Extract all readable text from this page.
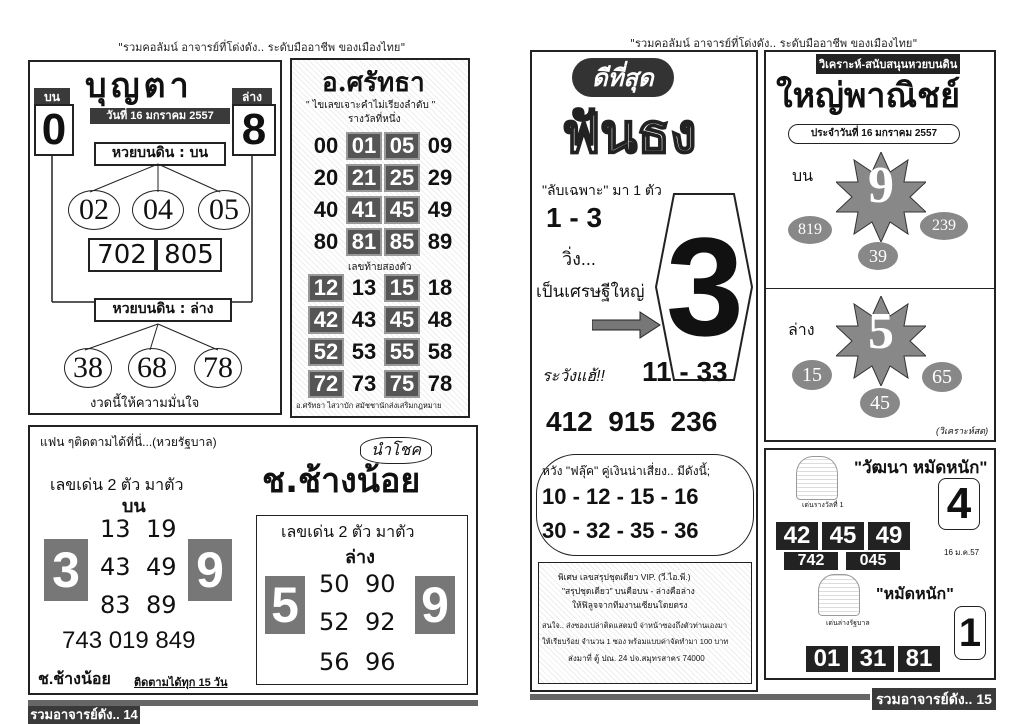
"รวมคอลัมน์ อาจารย์ที่โด่งดัง.. ระดับมืออาชีพ ของเมืองไทย"
บุญตา
บน
0
ล่าง
8
วันที่ 16 มกราคม 2557
หวยบนดิน : บน
02	04	05
702 805
หวยบนดิน : ล่าง
38	68	78
งวดนี้ให้ความมั่นใจ
อ.ศรัทธา
" ไขเลขเจาะคำไม่เรียงลำดับ "
รางวัลที่หนึ่ง
00 01 05 09
20 21 25 29
40 41 45 49
80 81 85 89
เลขท้ายสองตัว
12 13 15 18
42 43 45 48
52 53 55 58
72 73 75 78
อ.ศรัทธา ไสวาบัก สมัชชานักส่งเสริมกฎหมาย
แฟน ๆติดตามได้ที่นี่...(หวยรัฐบาล)	นำโชค
ช.ช้างน้อย
เลขเด่น 2 ตัว มาตัว
บน
3 9
13 19
43 49
83 89
743 019 849
ช.ช้างน้อย ติดตามได้ทุก 15 วัน
เลขเด่น 2 ตัว มาตัว
ล่าง
5 9
50 90
52 92
56 96
รวมอาจารย์ดัง.. 14
"รวมคอลัมน์ อาจารย์ที่โด่งดัง.. ระดับมืออาชีพ ของเมืองไทย"
ดีที่สุด
ฟันธง
"ลับเฉพาะ" มา 1 ตัว
1 - 3
วิ่ง...
เป็นเศรษฐีใหญ่ 3
ระวังแฮ้!! 11 - 33
412  915  236
หวัง "ฟลุ๊ค" คู่เงินน่าเสี่ยง.. มีดังนี้;
10 - 12 - 15 - 16
30 - 32 - 35 - 36
พิเศษ เลขสรุปชุดเดียว VIP. (วี.ไอ.พี.)
"สรุปชุดเดียว" บนคือบน - ล่างคือล่าง
ให้ฟิลูจจากทีมงานเซียนโดยตรง
สนใจ.. ส่งซองเปล่าติดแสตมป์ จ่าหน้าซองถึงตัวท่านเองมา
ให้เรียบร้อย จำนวน 1 ซอง พร้อมแบบค่าจัดทำมา 100 บาท
ส่งมาที่ ตู้ ปณ. 24 ปจ.สมุทรสาคร 74000
วิเคราะห์-สนับสนุนหวยบนดิน
ใหญ่พาณิชย์
ประจำวันที่ 16 มกราคม 2557
บน	9
819
39
239
ล่าง	5
15
45
65
(วิเคราะห์สด)
"วัฒนา หมัดหนัก"
เด่นรางวัลที่ 1 4
42 45 49
742	045	16 ม.ค.57
"หมัดหนัก"
เด่นล่างรัฐบาล 1
01 31 81
รวมอาจารย์ดัง.. 15
